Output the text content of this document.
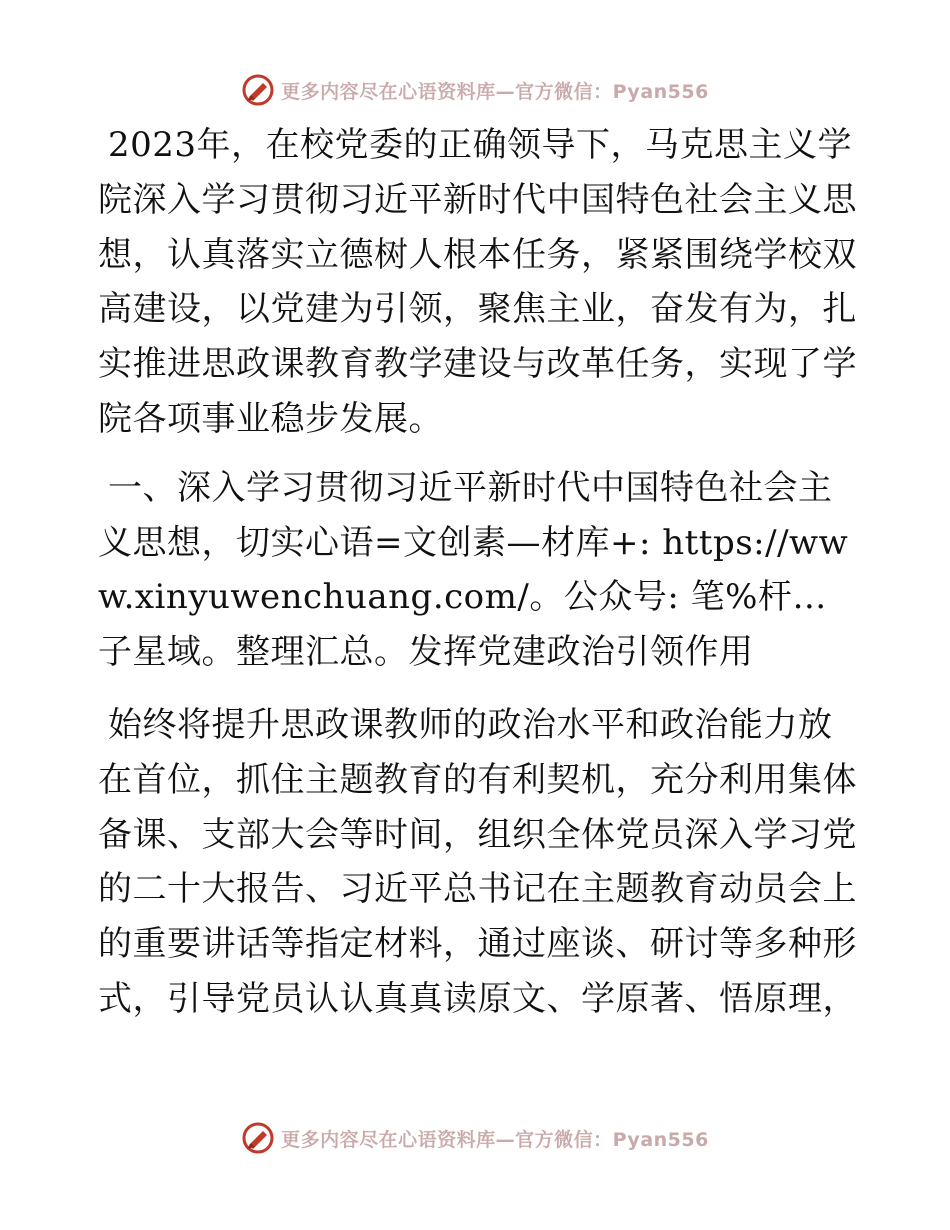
更多内容尽在心语资料库—官方微信：Pyan556

2023年，在校党委的正确领导下，马克思主义学院深入学习贯彻习近平新时代中国特色社会主义思想，认真落实立德树人根本任务，紧紧围绕学校双高建设，以党建为引领，聚焦主业，奋发有为，扎实推进思政课教育教学建设与改革任务，实现了学院各项事业稳步发展。

一、深入学习贯彻习近平新时代中国特色社会主义思想，切实心语=文创素—材库+: https://www.xinyuwenchuang.com/。公众号: 笔%杆…子星域。整理汇总。发挥党建政治引领作用

始终将提升思政课教师的政治水平和政治能力放在首位，抓住主题教育的有利契机，充分利用集体备课、支部大会等时间，组织全体党员深入学习党的二十大报告、习近平总书记在主题教育动员会上的重要讲话等指定材料，通过座谈、研讨等多种形式，引导党员认认真真读原文、学原著、悟原理，

更多内容尽在心语资料库—官方微信：Pyan556
